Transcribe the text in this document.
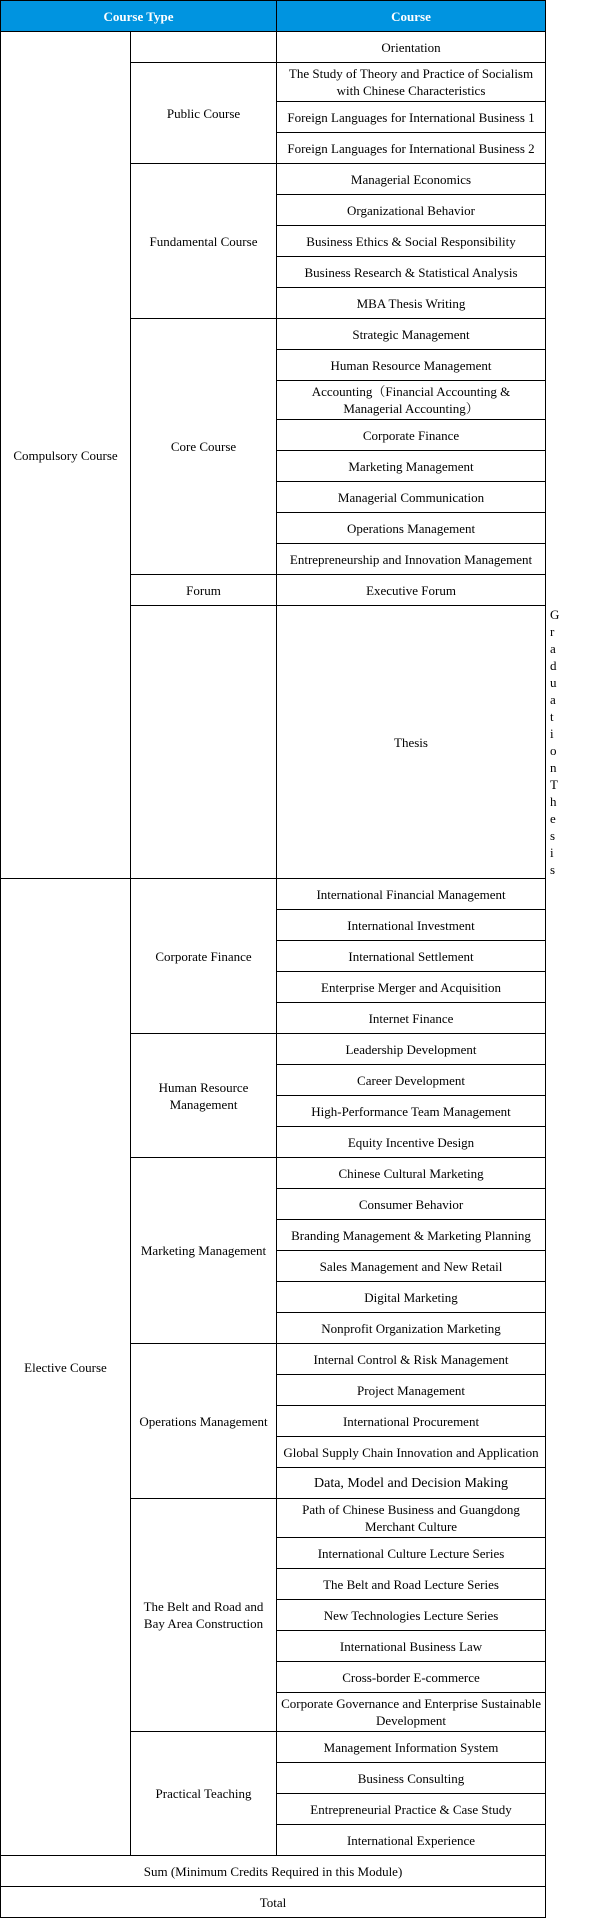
Course Type		Course	
Compulsory Course		Orientation	
	Public Course	The Study of Theory and Practice of Socialism with Chinese Characteristics	
		Foreign Languages for International Business 1	
		Foreign Languages for International Business 2	
	Fundamental Course	Managerial Economics	
		Organizational Behavior	
		Business Ethics & Social Responsibility	
		Business Research & Statistical Analysis	
		MBA Thesis Writing	
	Core Course	Strategic Management	
		Human Resource Management	
		Accounting（Financial Accounting & Managerial Accounting）	
		Corporate Finance	
		Marketing Management	
		Managerial Communication	
		Operations Management	
		Entrepreneurship and Innovation Management	
	Forum	Executive Forum	
		Thesis	Graduation Thesis
Elective Course	Corporate Finance	International Financial Management	
		International Investment	
		International Settlement	
		Enterprise Merger and Acquisition	
		Internet Finance	
	Human Resource Management	Leadership Development	
		Career Development	
		High-Performance Team Management	
		Equity Incentive Design	
	Marketing Management	Chinese Cultural Marketing	
		Consumer Behavior	
		Branding Management & Marketing Planning	
		Sales Management and New Retail	
		Digital Marketing	
		Nonprofit Organization Marketing	
	Operations Management	Internal Control & Risk Management	
		Project Management	
		International Procurement	
		Global Supply Chain Innovation and Application	
		Data, Model and Decision Making	
	The Belt and Road and Bay Area Construction	Path of Chinese Business and Guangdong Merchant Culture	
		International Culture Lecture Series	
		The Belt and Road Lecture Series	
		New Technologies Lecture Series	
		International Business Law	
		Cross-border E-commerce	
		Corporate Governance and Enterprise Sustainable Development	
	Practical Teaching	Management Information System	
		Business Consulting	
		Entrepreneurial Practice & Case Study	
		International Experience	
Sum (Minimum Credits Required in this Module)			
Total			
